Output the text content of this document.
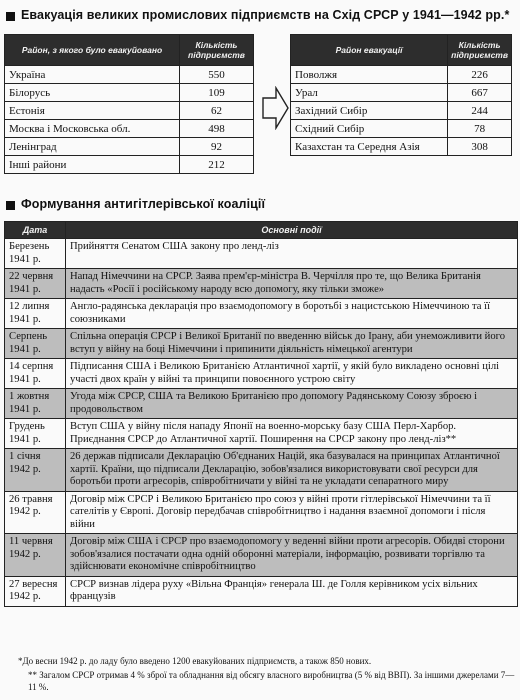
Евакуація великих промислових підприємств на Схід СРСР у 1941—1942 рр.*
Район, з якого було евакуйовано	Кількість підприємств
Україна	550
Білорусь	109
Естонія	62
Москва і Московська обл.	498
Ленінград	92
Інші райони	212
Район евакуації	Кількість підприємств
Поволжя	226
Урал	667
Західний Сибір	244
Східний Сибір	78
Казахстан та Середня Азія	308
Формування антигітлерівської коаліції
Дата	Основні події
Березень 1941 р.	Прийняття Сенатом США закону про ленд-ліз
22 червня 1941 р.	Напад Німеччини на СРСР. Заява прем'єр-міністра В. Черчілля про те, що Велика Британія надасть «Росії і російському народу всю допомогу, яку тільки зможе»
12 липня 1941 р.	Англо-радянська декларація про взаємодопомогу в боротьбі з нацистською Німеччиною та її союзниками
Серпень 1941 р.	Спільна операція СРСР і Великої Британії по введенню військ до Ірану, аби унеможливити його вступ у війну на боці Німеччини і припинити діяльність німецької агентури
14 серпня 1941 р.	Підписання США і Великою Британією Атлантичної хартії, у якій було викладено основні цілі участі двох країн у війні та принципи повоєнного устрою світу
1 жовтня 1941 р.	Угода між СРСР, США та Великою Британією про допомогу Радянському Союзу зброєю і продовольством
Грудень 1941 р.	Вступ США у війну після нападу Японії на военно-морську базу США Перл-Харбор. Приєднання СРСР до Атлантичної хартії. Поширення на СРСР закону про ленд-ліз**
1 січня 1942 р.	26 держав підписали Декларацію Об'єднаних Націй, яка базувалася на принципах Атлантичної хартії. Країни, що підписали Декларацію, зобов'язалися використовувати свої ресурси для боротьби проти агресорів, співробітничати у війні та не укладати сепаратного миру
26 травня 1942 р.	Договір між СРСР і Великою Британією про союз у війні проти гітлерівської Німеччини та її сателітів у Європі. Договір передбачав співробітництво і надання взаємної допомоги і після війни
11 червня 1942 р.	Договір між США і СРСР про взаємодопомогу у веденні війни проти агресорів. Обидві сторони зобов'язалися постачати одна одній оборонні матеріали, інформацію, розвивати торгівлю та здійснювати економічне співробітництво
27 вересня 1942 р.	СРСР визнав лідера руху «Вільна Франція» генерала Ш. де Голля керівником усіх вільних французів
*До весни 1942 р. до ладу було введено 1200 евакуйованих підприємств, а також 850 нових.
** Загалом СРСР отримав 4 % зброї та обладнання від обсягу власного виробництва (5 % від ВВП). За іншими джерелами 7—11 %.
